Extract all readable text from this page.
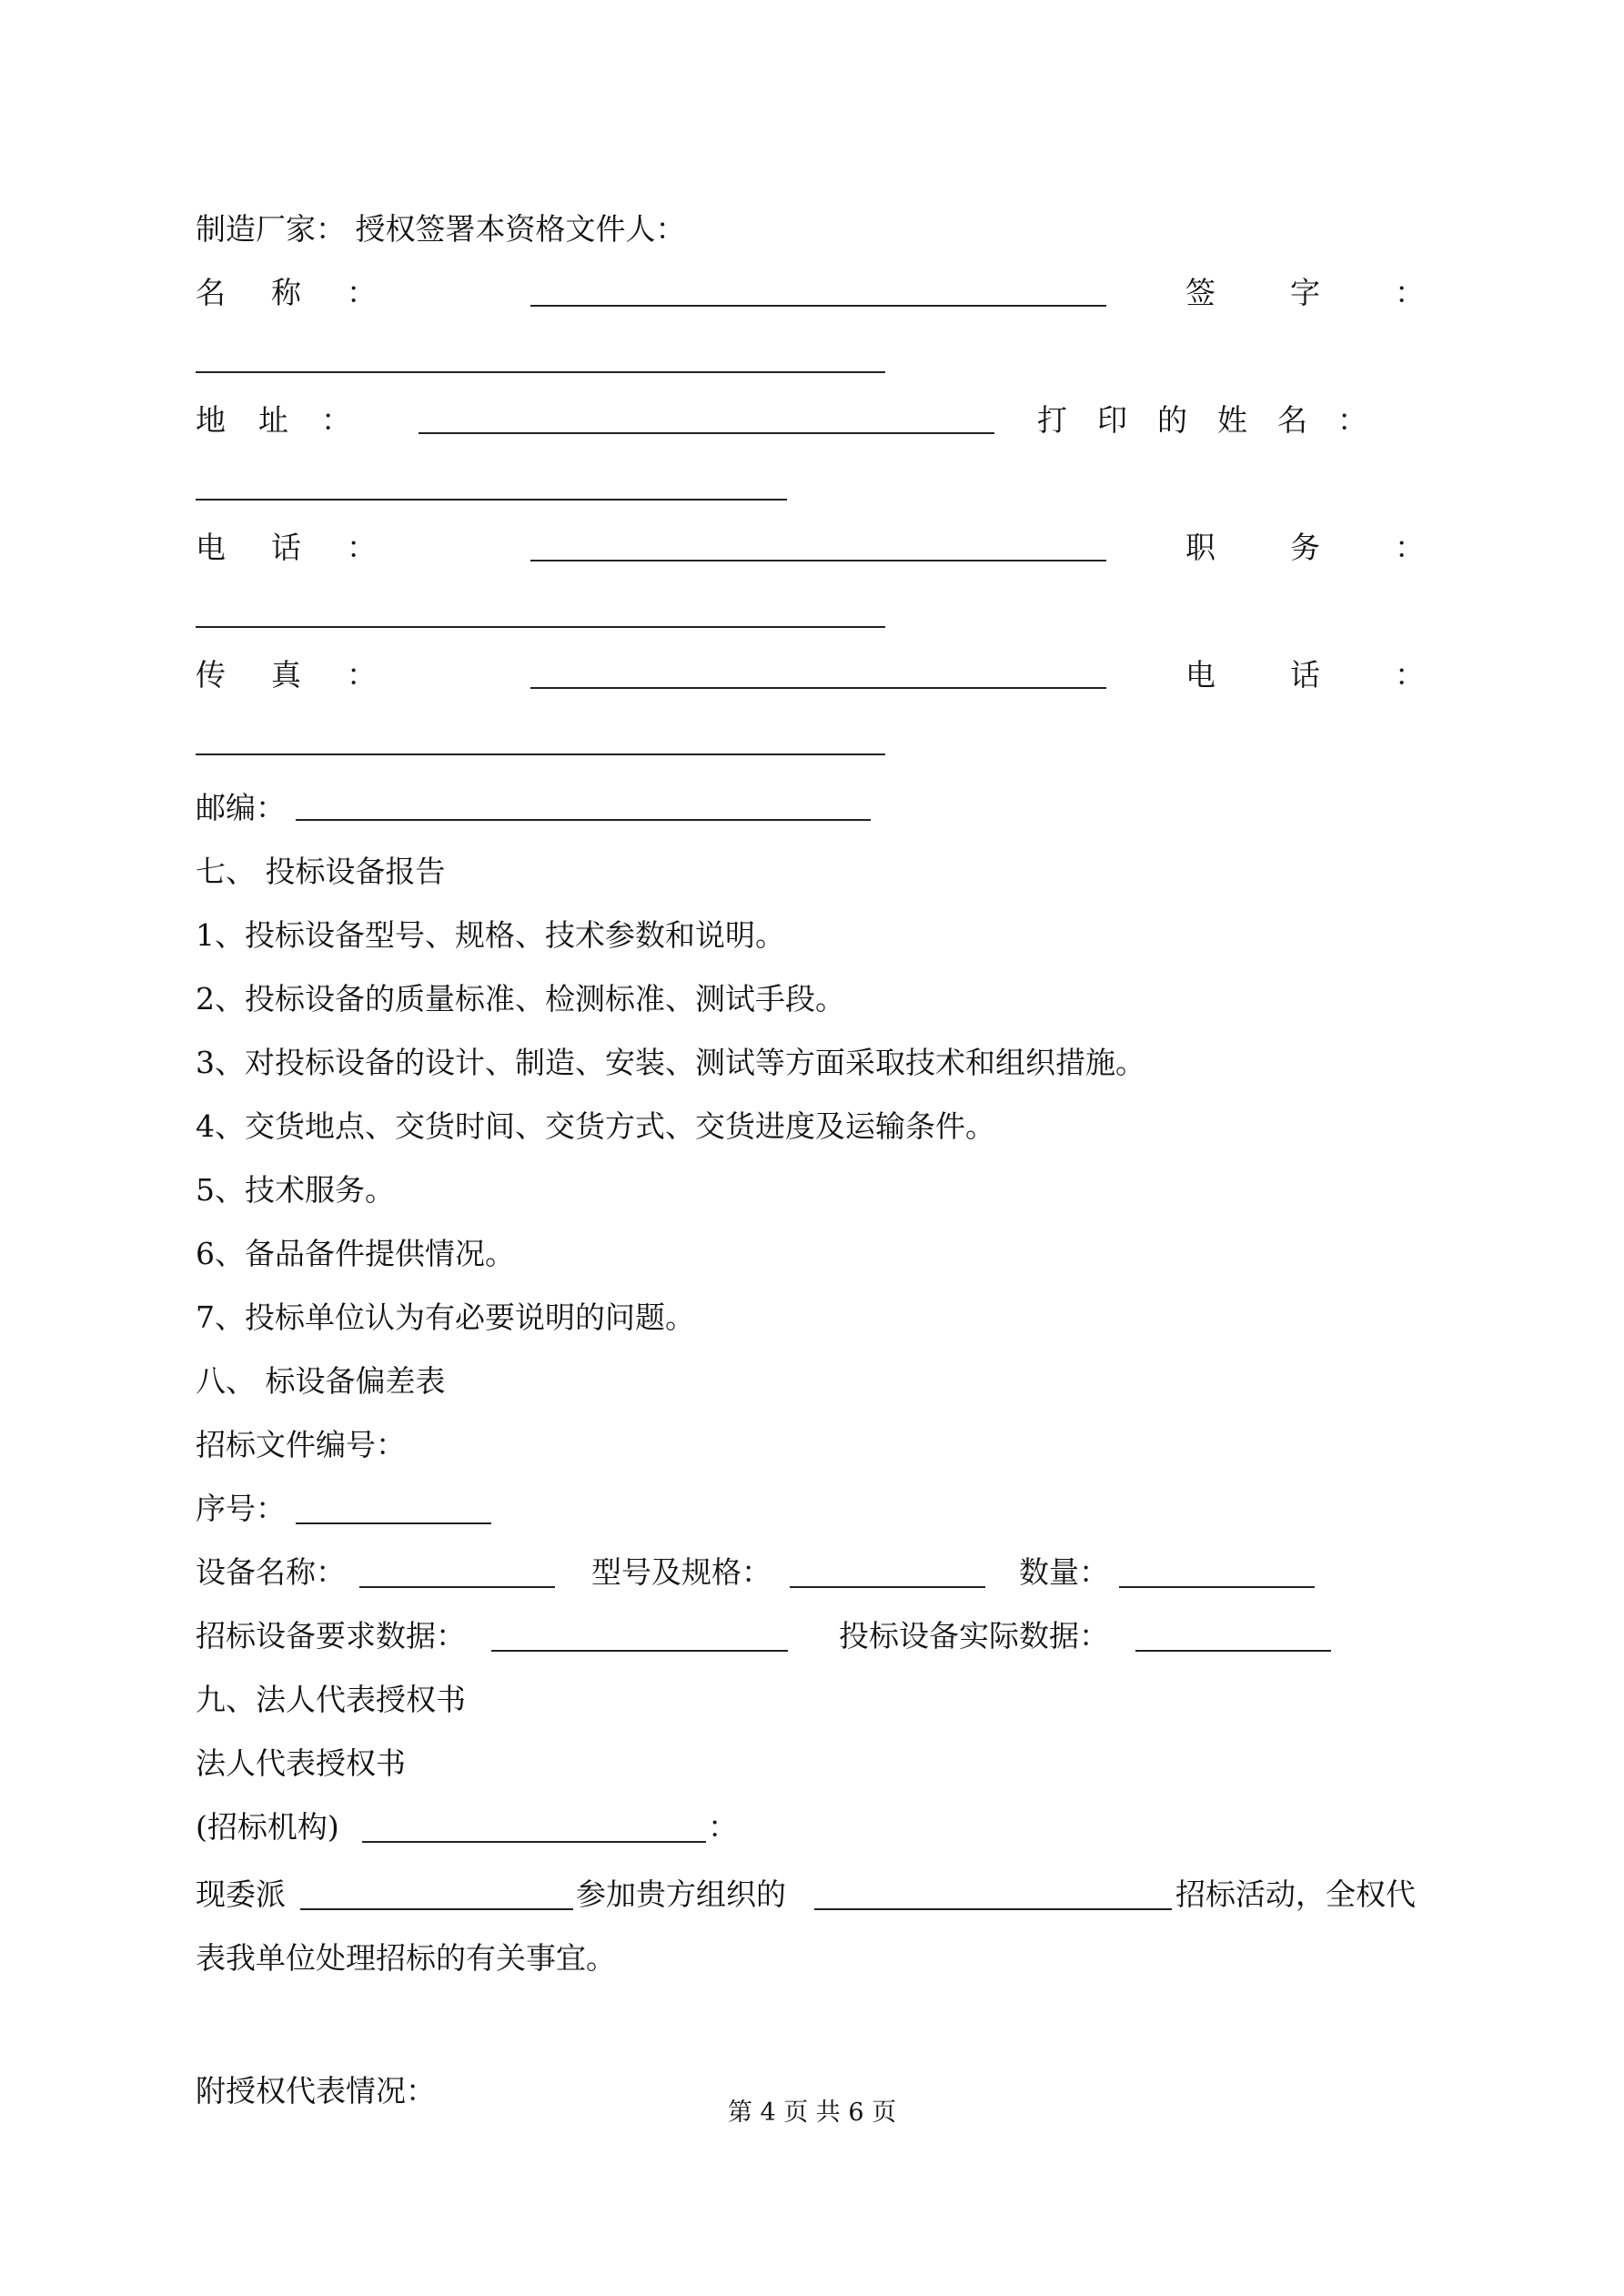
制造厂家： 授权签署本资格文件人：
名称：	签字：
地址：	打印的姓名：
电话：	职务：
传真：	电话：
邮编：
七、 投标设备报告
1、投标设备型号、规格、技术参数和说明。
2、投标设备的质量标准、检测标准、测试手段。
3、对投标设备的设计、制造、安装、测试等方面采取技术和组织措施。
4、交货地点、交货时间、交货方式、交货进度及运输条件。
5、技术服务。
6、备品备件提供情况。
7、投标单位认为有必要说明的问题。
八、 标设备偏差表
招标文件编号：
序号：
设备名称：	型号及规格：	数量：
招标设备要求数据：	投标设备实际数据：
九、法人代表授权书
法人代表授权书
(招标机构)	：
现委派	参加贵方组织的	招标活动，全权代
表我单位处理招标的有关事宜。
附授权代表情况：
第 4 页 共 6 页
